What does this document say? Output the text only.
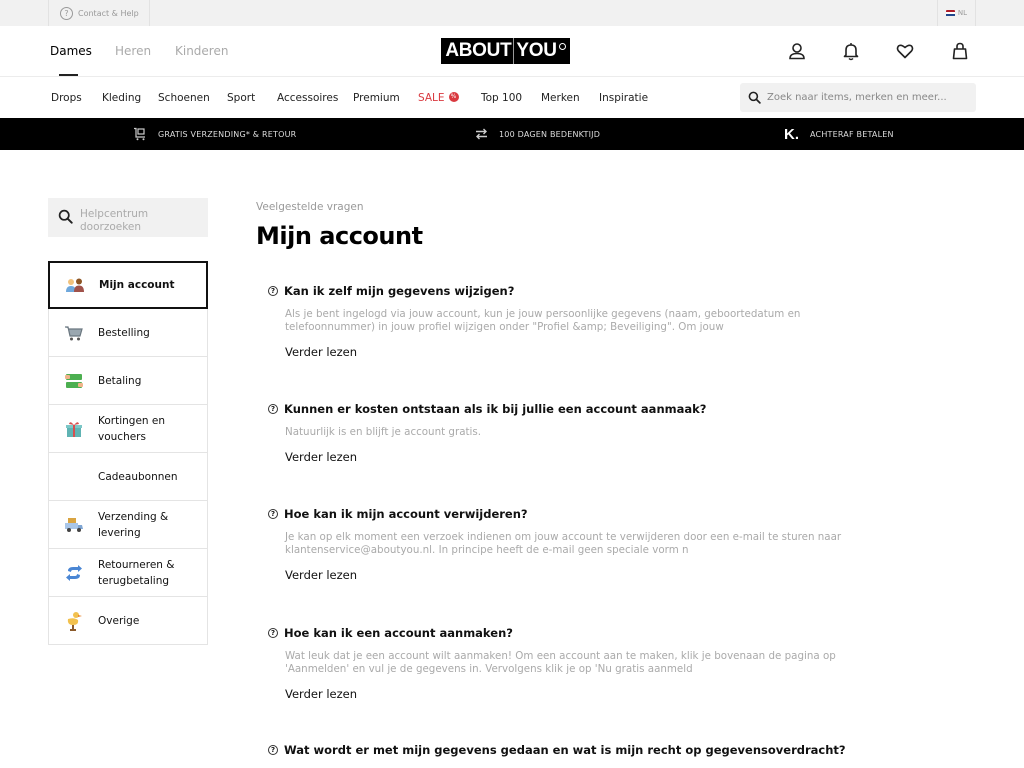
?	Contact & Help	NL
Dames Heren Kinderen	ABOUT YOU
Drops Kleding Schoenen Sport Accessoires Premium SALE %	Top 100 Merken Inspiratie
Zoek naar items, merken en meer...
GRATIS VERZENDING* & RETOUR	100 DAGEN BEDENKTIJD	K. ACHTERAF BETALEN
Helpcentrum doorzoeken
Mijn account
Bestelling
Betaling
Kortingen en vouchers
Cadeaubonnen
Verzending & levering
Retourneren & terugbetaling
Overige
Veelgestelde vragen
Mijn account
? Kan ik zelf mijn gegevens wijzigen?
Als je bent ingelogd via jouw account, kun je jouw persoonlijke gegevens (naam, geboortedatum en telefoonnummer) in jouw profiel wijzigen onder "Profiel &amp; Beveiliging". Om jouw
Verder lezen
? Kunnen er kosten ontstaan als ik bij jullie een account aanmaak?
Natuurlijk is en blijft je account gratis.
Verder lezen
? Hoe kan ik mijn account verwijderen?
Je kan op elk moment een verzoek indienen om jouw account te verwijderen door een e-mail te sturen naar klantenservice@aboutyou.nl. In principe heeft de e-mail geen speciale vorm n
Verder lezen
? Hoe kan ik een account aanmaken?
Wat leuk dat je een account wilt aanmaken! Om een account aan te maken, klik je bovenaan de pagina op 'Aanmelden' en vul je de gegevens in. Vervolgens klik je op 'Nu gratis aanmeld
Verder lezen
? Wat wordt er met mijn gegevens gedaan en wat is mijn recht op gegevensoverdracht?
